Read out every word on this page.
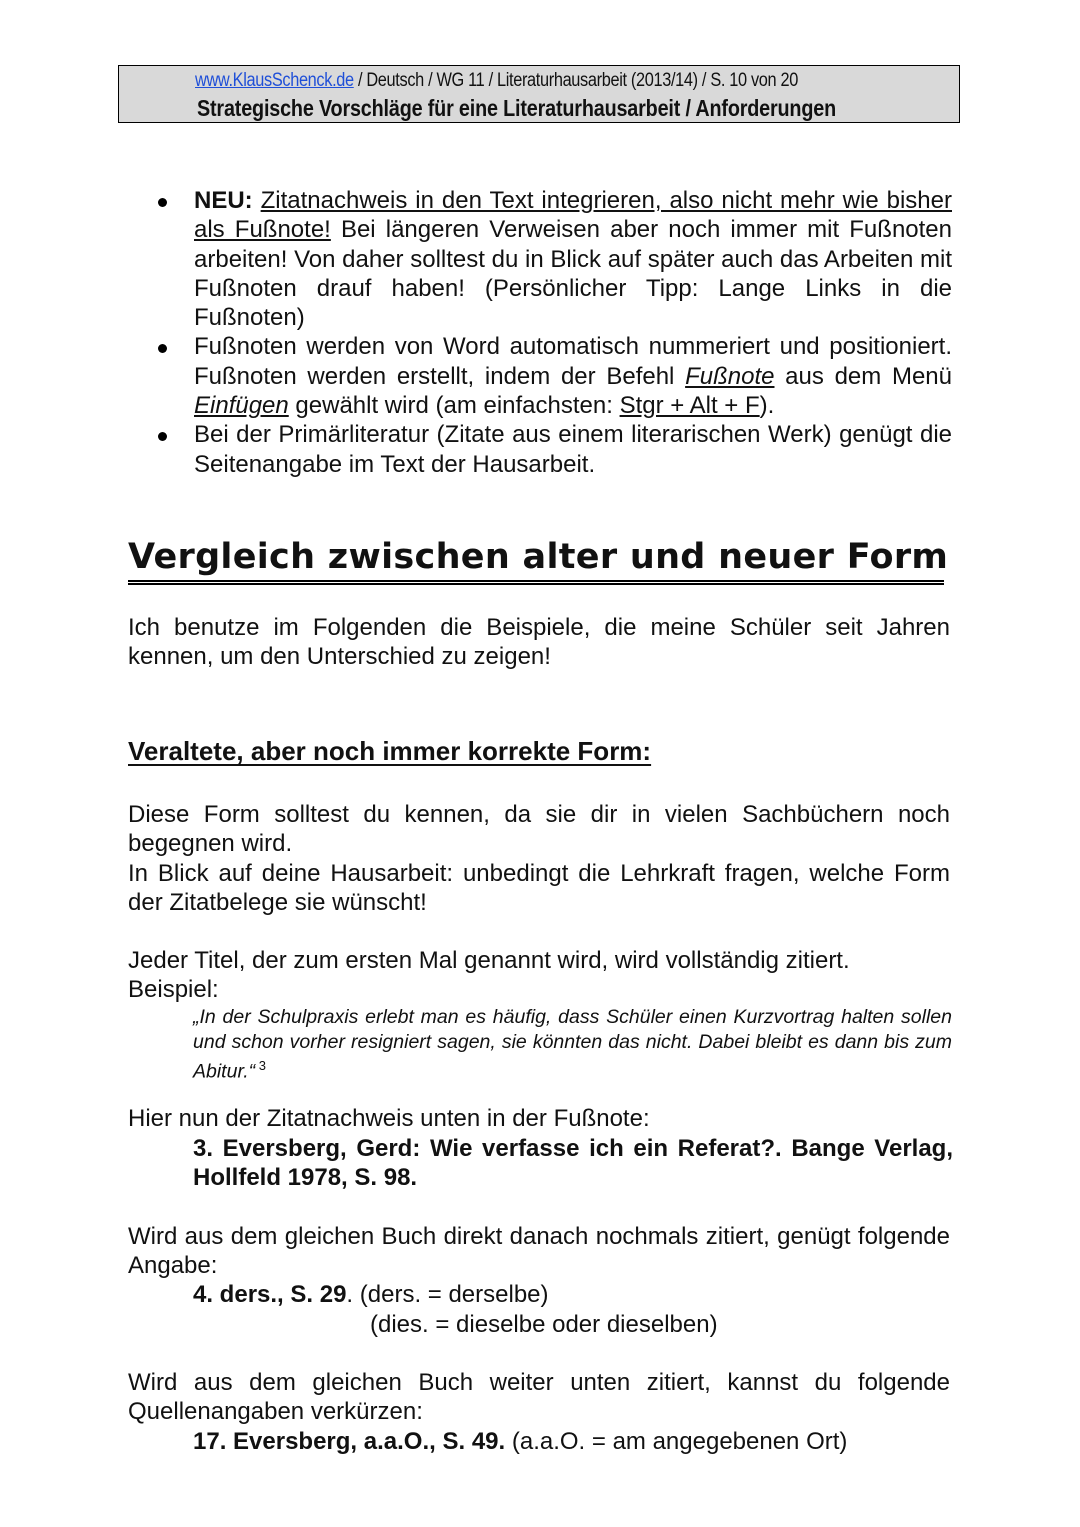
www.KlausSchenck.de / Deutsch / WG 11 / Literaturhausarbeit (2013/14) / S. 10 von 20
Strategische Vorschläge für eine Literaturhausarbeit / Anforderungen
NEU: Zitatnachweis in den Text integrieren, also nicht mehr wie bisher als Fußnote! Bei längeren Verweisen aber noch immer mit Fußnoten arbeiten! Von daher solltest du in Blick auf später auch das Arbeiten mit Fußnoten drauf haben! (Persönlicher Tipp: Lange Links in die Fußnoten)
Fußnoten werden von Word automatisch nummeriert und positioniert. Fußnoten werden erstellt, indem der Befehl Fußnote aus dem Menü Einfügen gewählt wird (am einfachsten: Stgr + Alt + F).
Bei der Primärliteratur (Zitate aus einem literarischen Werk) genügt die Seitenangabe im Text der Hausarbeit.
Vergleich zwischen alter und neuer Form

Ich benutze im Folgenden die Beispiele, die meine Schüler seit Jahren kennen, um den Unterschied zu zeigen!

Veraltete, aber noch immer korrekte Form:

Diese Form solltest du kennen, da sie dir in vielen Sachbüchern noch begegnen wird.
In Blick auf deine Hausarbeit: unbedingt die Lehrkraft fragen, welche Form der Zitatbelege sie wünscht!

Jeder Titel, der zum ersten Mal genannt wird, wird vollständig zitiert.
Beispiel:

„In der Schulpraxis erlebt man es häufig, dass Schüler einen Kurzvortrag halten sollen und schon vorher resigniert sagen, sie könnten das nicht. Dabei bleibt es dann bis zum Abitur.“ $^3$

Hier nun der Zitatnachweis unten in der Fußnote:

3. Eversberg, Gerd: Wie verfasse ich ein Referat?. Bange Verlag, Hollfeld 1978, S. 98.

Wird aus dem gleichen Buch direkt danach nochmals zitiert, genügt folgende Angabe:

4. ders., S. 29. (ders. = derselbe)

(dies. = dieselbe oder dieselben)

Wird aus dem gleichen Buch weiter unten zitiert, kannst du folgende Quellenangaben verkürzen:

17. Eversberg, a.a.O., S. 49. (a.a.O. = am angegebenen Ort)
